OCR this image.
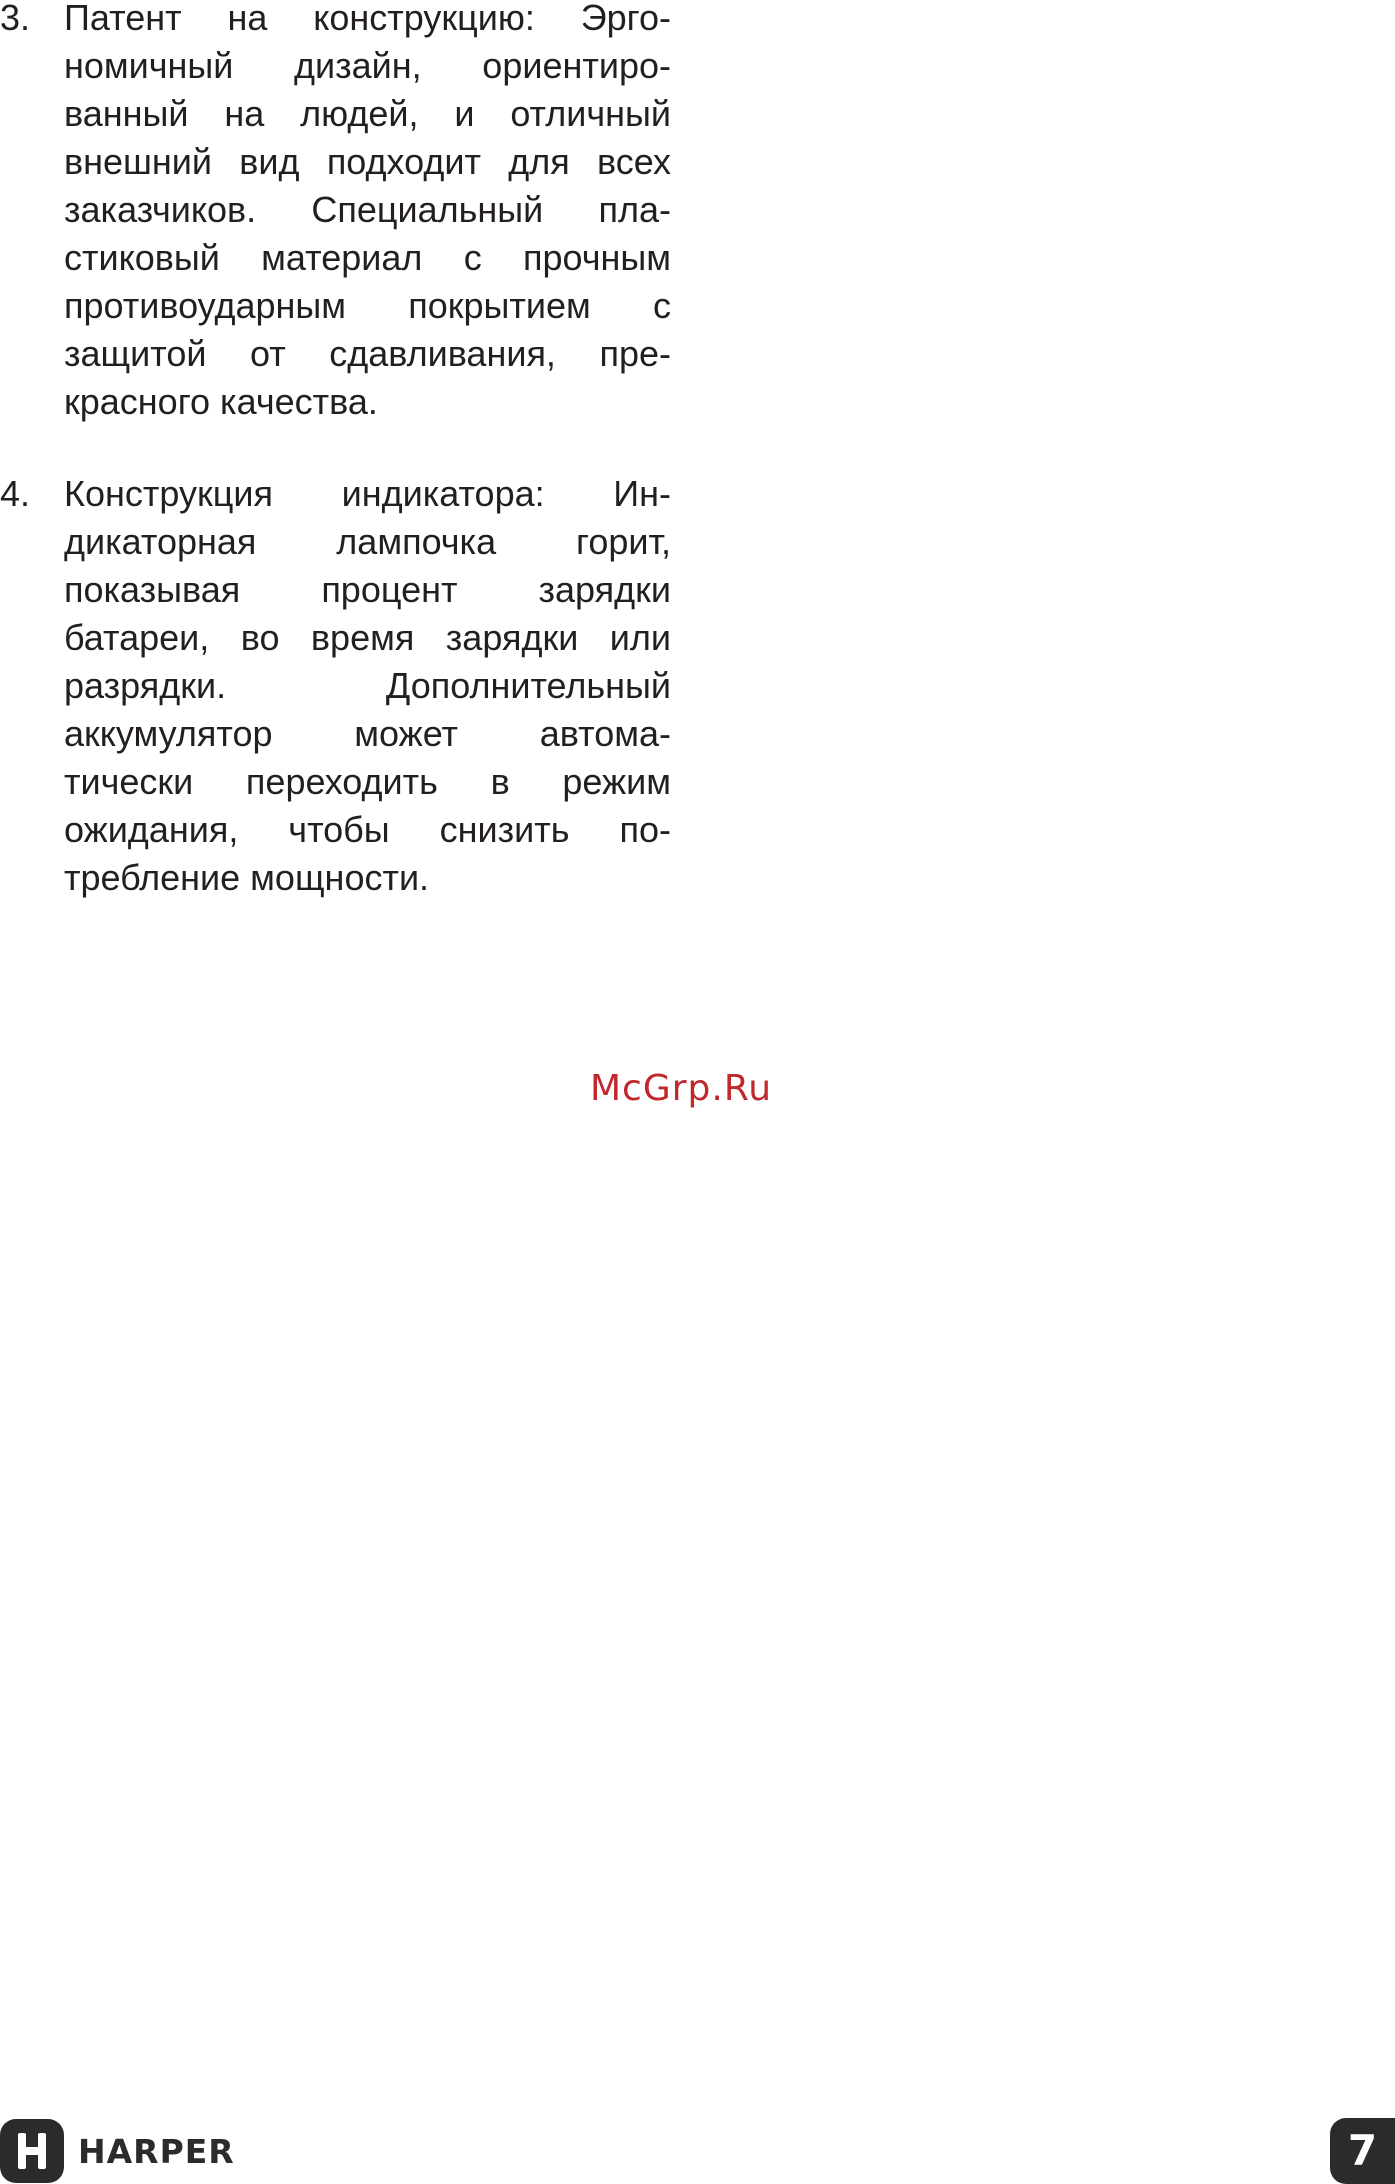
3. Патент на конструкцию: Эрго-
номичный дизайн, ориентиро-
ванный на людей, и отличный
внешний вид подходит для всех
заказчиков. Специальный пла-
стиковый материал с прочным
противоударным покрытием с
защитой от сдавливания, пре-
красного качества.
4. Конструкция индикатора: Ин-
дикаторная лампочка горит,
показывая процент зарядки
батареи, во время зарядки или
разрядки. Дополнительный
аккумулятор может автома-
тически переходить в режим
ожидания, чтобы снизить по-
требление мощности.
McGrp.Ru
HARPER	7
